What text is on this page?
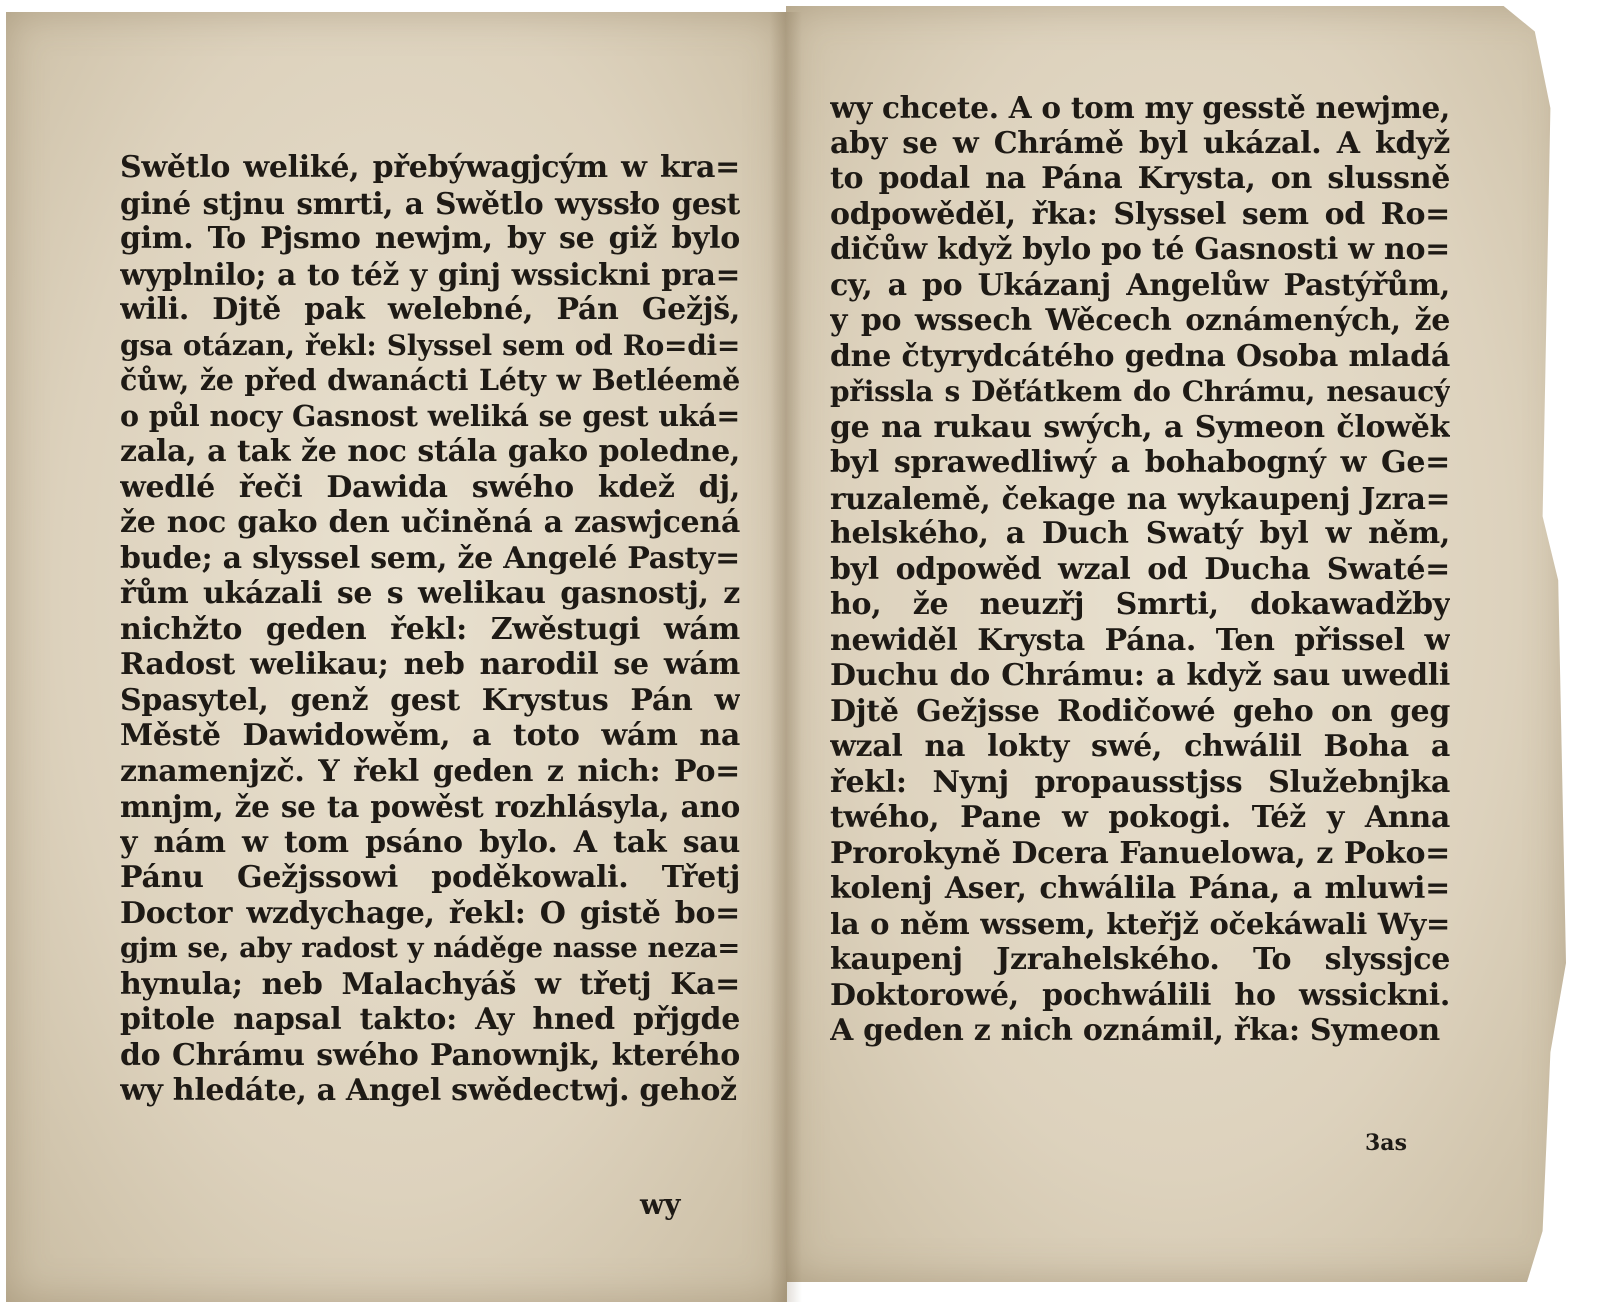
Swětlo weliké, přebýwagjcým w kra=
giné stjnu smrti, a Swětlo wyssło gest
gim. To Pjsmo newjm, by se giž bylo
wyplnilo; a to též y ginj wssickni pra=
wili. Djtě pak welebné, Pán Gežjš,
gsa otázan, řekl: Slyssel sem od Ro=di=
čůw, že před dwanácti Léty w Betléemě
o půl nocy Gasnost weliká se gest uká=
zala, a tak že noc stála gako poledne,
wedlé řeči Dawida swého kdež dj,
že noc gako den učiněná a zaswjcená
bude; a slyssel sem, že Angelé Pasty=
řům ukázali se s welikau gasnostj, z
nichžto geden řekl: Zwěstugi wám
Radost welikau; neb narodil se wám
Spasytel, genž gest Krystus Pán w
Městě Dawidowěm, a toto wám na
znamenjzč. Y řekl geden z nich: Po=
mnjm, že se ta powěst rozhlásyla, ano
y nám w tom psáno bylo. A tak sau
Pánu Gežjssowi poděkowali. Třetj
Doctor wzdychage, řekl: O gistě bo=
gjm se, aby radost y náděge nasse neza=
hynula; neb Malachyáš w třetj Ka=
pitole napsal takto: Ay hned přjgde
do Chrámu swého Panownjk, kterého
wy hledáte, a Angel swědectwj. gehož
wy
wy chcete. A o tom my gesstě newjme,
aby se w Chrámě byl ukázal. A když
to podal na Pána Krysta, on slussně
odpowěděl, řka: Slyssel sem od Ro=
dičůw když bylo po té Gasnosti w no=
cy, a po Ukázanj Angelůw Pastýřům,
y po wssech Wěcech oznámených, že
dne čtyrydcátého gedna Osoba mladá
přissla s Děťátkem do Chrámu, nesaucý
ge na rukau swých, a Symeon člowěk
byl sprawedliwý a bohabogný w Ge=
ruzalemě, čekage na wykaupenj Jzra=
helského, a Duch Swatý byl w něm,
byl odpowěd wzal od Ducha Swaté=
ho, že neuzřj Smrti, dokawadžby
newiděl Krysta Pána. Ten přissel w
Duchu do Chrámu: a když sau uwedli
Djtě Gežjsse Rodičowé geho on geg
wzal na lokty swé, chwálil Boha a
řekl: Nynj propausstjss Služebnjka
twého, Pane w pokogi. Též y Anna
Prorokyně Dcera Fanuelowa, z Poko=
kolenj Aser, chwálila Pána, a mluwi=
la o něm wssem, kteřjž očekáwali Wy=
kaupenj Jzrahelského. To slyssjce
Doktorowé, pochwálili ho wssickni.
A geden z nich oznámil, řka: Symeon
3as
